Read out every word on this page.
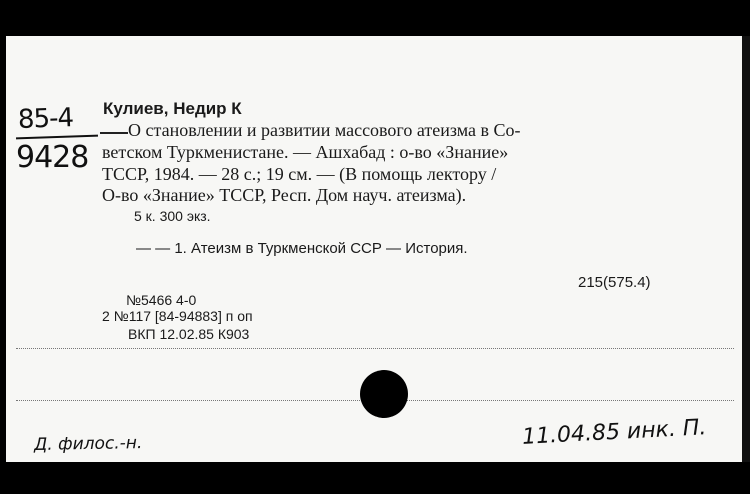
85-4
9428
Кулиев, Недир К
О становлении и развитии массового атеизма в Со-
ветском Туркменистане. — Ашхабад : о-во «Знание»
ТССР, 1984. — 28 с.; 19 см. — (В помощь лектору /
О-во «Знание» ТССР, Респ. Дом науч. атеизма).
5 к. 300 экз.
— — 1. Атеизм в Туркменской ССР — История.
215(575.4)
№5466 4-0
2 №117 [84-94883] п оп
ВКП 12.02.85 К903
Д. филос.-н.	11.04.85 инк. П.
